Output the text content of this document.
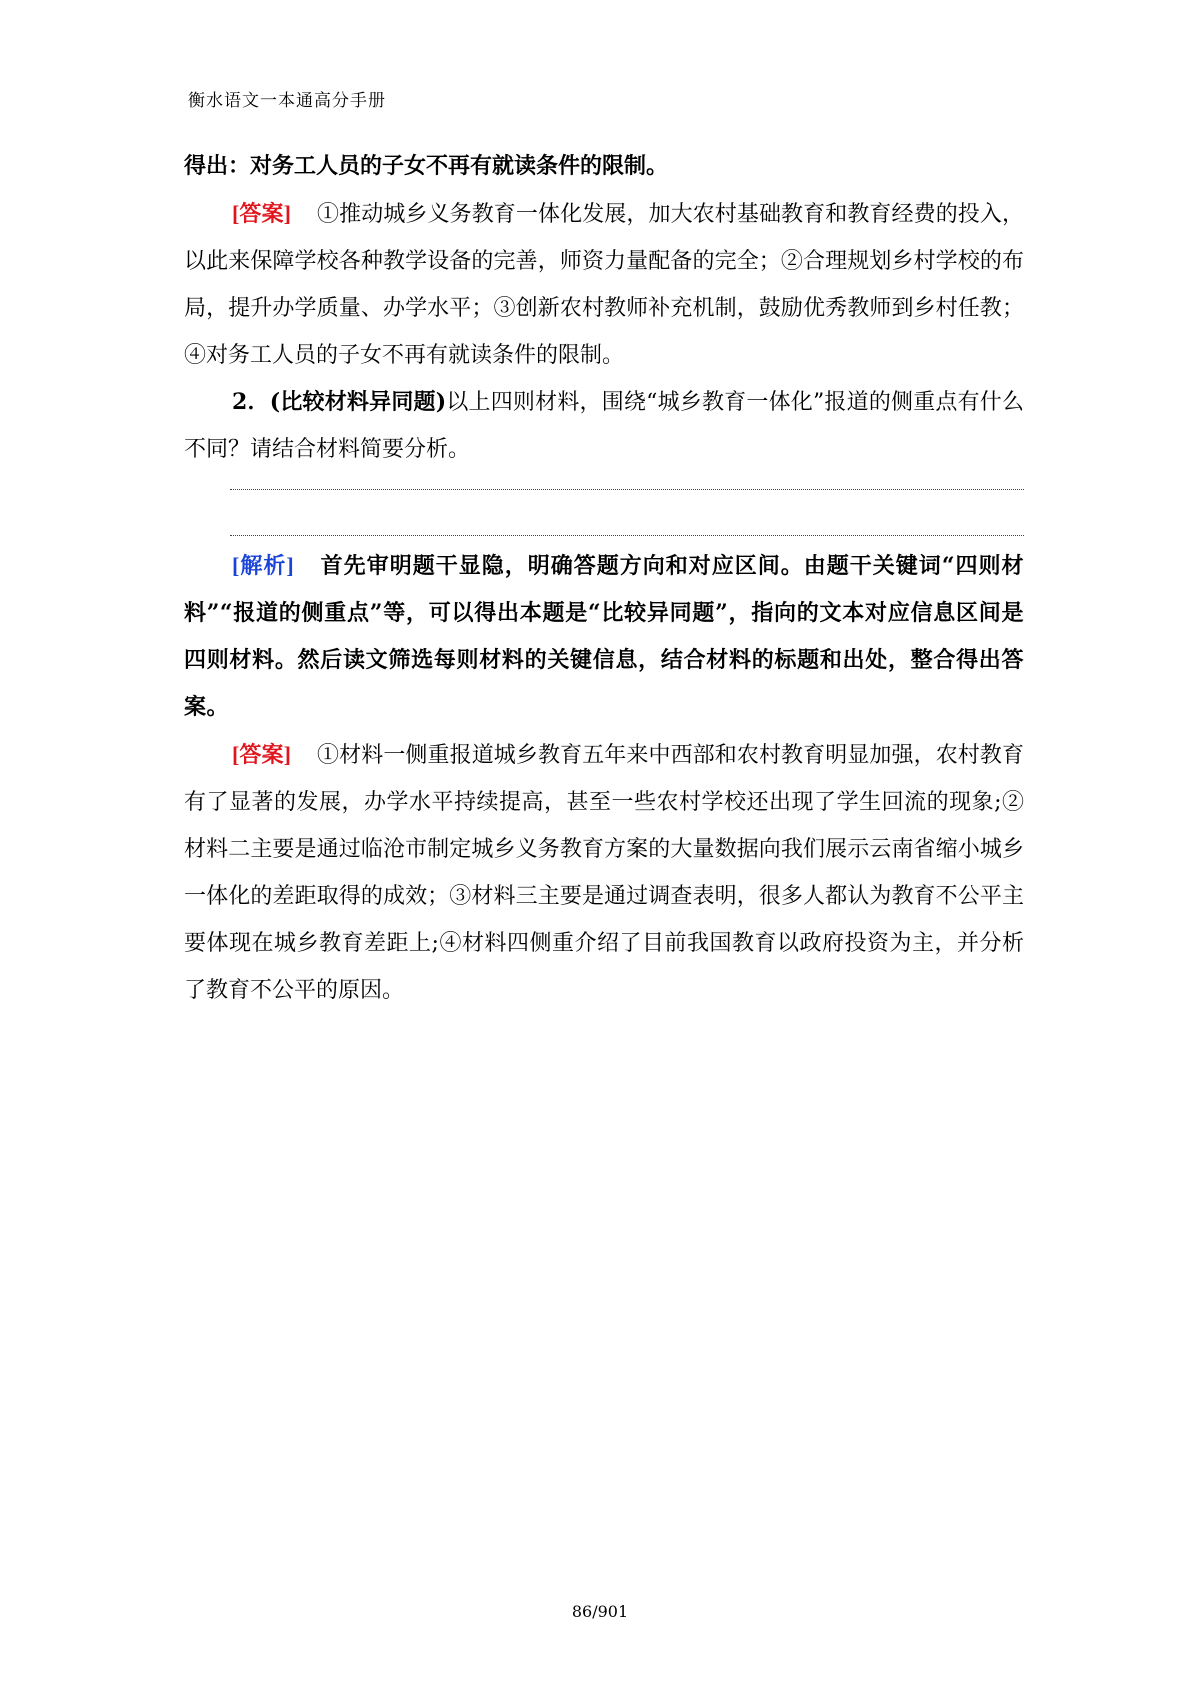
衡水语文一本通高分手册

得出：对务工人员的子女不再有就读条件的限制。

[答案] ①推动城乡义务教育一体化发展，加大农村基础教育和教育经费的投入，以此来保障学校各种教学设备的完善，师资力量配备的完全；②合理规划乡村学校的布局，提升办学质量、办学水平；③创新农村教师补充机制，鼓励优秀教师到乡村任教；④对务工人员的子女不再有就读条件的限制。

2．(比较材料异同题)以上四则材料，围绕“城乡教育一体化”报道的侧重点有什么不同？请结合材料简要分析。

[解析] 首先审明题干显隐，明确答题方向和对应区间。由题干关键词“四则材料”“报道的侧重点”等，可以得出本题是“比较异同题”，指向的文本对应信息区间是四则材料。然后读文筛选每则材料的关键信息，结合材料的标题和出处，整合得出答案。

[答案] ①材料一侧重报道城乡教育五年来中西部和农村教育明显加强，农村教育有了显著的发展，办学水平持续提高，甚至一些农村学校还出现了学生回流的现象;②材料二主要是通过临沧市制定城乡义务教育方案的大量数据向我们展示云南省缩小城乡一体化的差距取得的成效；③材料三主要是通过调查表明，很多人都认为教育不公平主要体现在城乡教育差距上;④材料四侧重介绍了目前我国教育以政府投资为主，并分析了教育不公平的原因。

86/901
